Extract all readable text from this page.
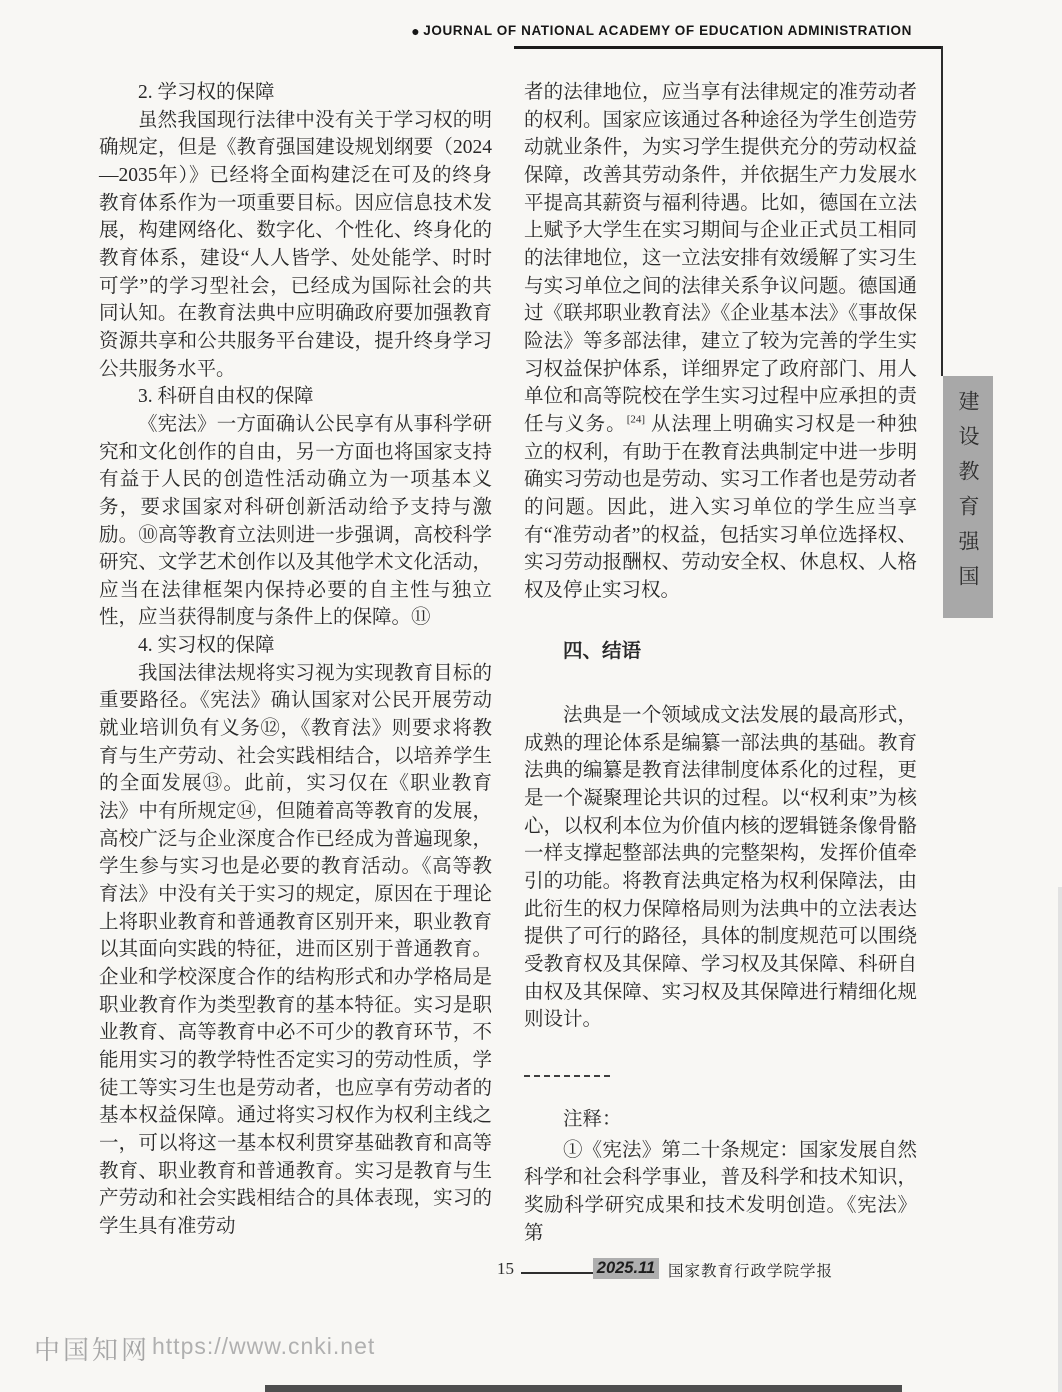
● JOURNAL OF NATIONAL ACADEMY OF EDUCATION ADMINISTRATION
建设教育强国
2. 学习权的保障

虽然我国现行法律中没有关于学习权的明确规定，但是《教育强国建设规划纲要（2024—2035年）》已经将全面构建泛在可及的终身教育体系作为一项重要目标。因应信息技术发展，构建网络化、数字化、个性化、终身化的教育体系，建设“人人皆学、处处能学、时时可学”的学习型社会，已经成为国际社会的共同认知。在教育法典中应明确政府要加强教育资源共享和公共服务平台建设，提升终身学习公共服务水平。

3. 科研自由权的保障

《宪法》一方面确认公民享有从事科学研究和文化创作的自由，另一方面也将国家支持有益于人民的创造性活动确立为一项基本义务，要求国家对科研创新活动给予支持与激励。⑩高等教育立法则进一步强调，高校科学研究、文学艺术创作以及其他学术文化活动，应当在法律框架内保持必要的自主性与独立性，应当获得制度与条件上的保障。⑪

4. 实习权的保障

我国法律法规将实习视为实现教育目标的重要路径。《宪法》确认国家对公民开展劳动就业培训负有义务⑫，《教育法》则要求将教育与生产劳动、社会实践相结合，以培养学生的全面发展⑬。此前，实习仅在《职业教育法》中有所规定⑭，但随着高等教育的发展，高校广泛与企业深度合作已经成为普遍现象，学生参与实习也是必要的教育活动。《高等教育法》中没有关于实习的规定，原因在于理论上将职业教育和普通教育区别开来，职业教育以其面向实践的特征，进而区别于普通教育。企业和学校深度合作的结构形式和办学格局是职业教育作为类型教育的基本特征。实习是职业教育、高等教育中必不可少的教育环节，不能用实习的教学特性否定实习的劳动性质，学徒工等实习生也是劳动者，也应享有劳动者的基本权益保障。通过将实习权作为权利主线之一，可以将这一基本权利贯穿基础教育和高等教育、职业教育和普通教育。实习是教育与生产劳动和社会实践相结合的具体表现，实习的学生具有准劳动

者的法律地位，应当享有法律规定的准劳动者的权利。国家应该通过各种途径为学生创造劳动就业条件，为实习学生提供充分的劳动权益保障，改善其劳动条件，并依据生产力发展水平提高其薪资与福利待遇。比如，德国在立法上赋予大学生在实习期间与企业正式员工相同的法律地位，这一立法安排有效缓解了实习生与实习单位之间的法律关系争议问题。德国通过《联邦职业教育法》《企业基本法》《事故保险法》等多部法律，建立了较为完善的学生实习权益保护体系，详细界定了政府部门、用人单位和高等院校在学生实习过程中应承担的责任与义务。[24] 从法理上明确实习权是一种独立的权利，有助于在教育法典制定中进一步明确实习劳动也是劳动、实习工作者也是劳动者的问题。因此，进入实习单位的学生应当享有“准劳动者”的权益，包括实习单位选择权、实习劳动报酬权、劳动安全权、休息权、人格权及停止实习权。

四、结语

法典是一个领域成文法发展的最高形式，成熟的理论体系是编纂一部法典的基础。教育法典的编纂是教育法律制度体系化的过程，更是一个凝聚理论共识的过程。以“权利束”为核心，以权利本位为价值内核的逻辑链条像骨骼一样支撑起整部法典的完整架构，发挥价值牵引的功能。将教育法典定格为权利保障法，由此衍生的权力保障格局则为法典中的立法表达提供了可行的路径，具体的制度规范可以围绕受教育权及其保障、学习权及其保障、科研自由权及其保障、实习权及其保障进行精细化规则设计。

注释：

①《宪法》第二十条规定：国家发展自然科学和社会科学事业，普及科学和技术知识，奖励科学研究成果和技术发明创造。《宪法》第

15	2025.11 国家教育行政学院学报
中国知网 https://www.cnki.net
